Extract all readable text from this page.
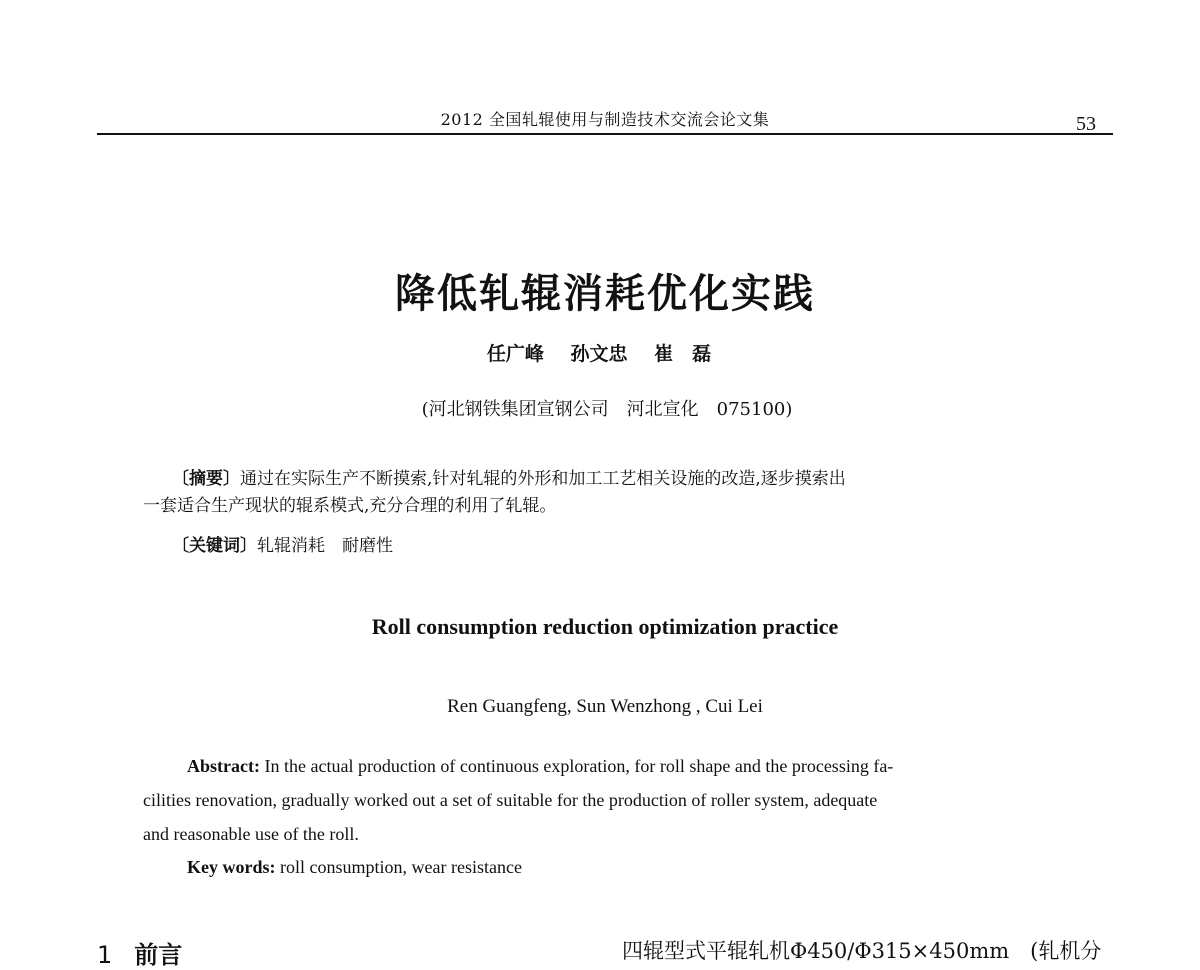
2012 全国轧辊使用与制造技术交流会论文集	53
降低轧辊消耗优化实践
任广峰 孙文忠 崔　磊
(河北钢铁集团宣钢公司　河北宣化　075100)
〔摘要〕通过在实际生产不断摸索,针对轧辊的外形和加工工艺相关设施的改造,逐步摸索出
一套适合生产现状的辊系模式,充分合理的利用了轧辊。
〔关键词〕轧辊消耗　耐磨性
Roll consumption reduction optimization practice
Ren Guangfeng, Sun Wenzhong , Cui Lei
Abstract: In the actual production of continuous exploration, for roll shape and the processing fa-
cilities renovation, gradually worked out a set of suitable for the production of roller system, adequate
and reasonable use of the roll.
Key words: roll consumption, wear resistance
1 前言	四辊型式平辊轧机Φ450/Φ315×450mm　(轧机分
